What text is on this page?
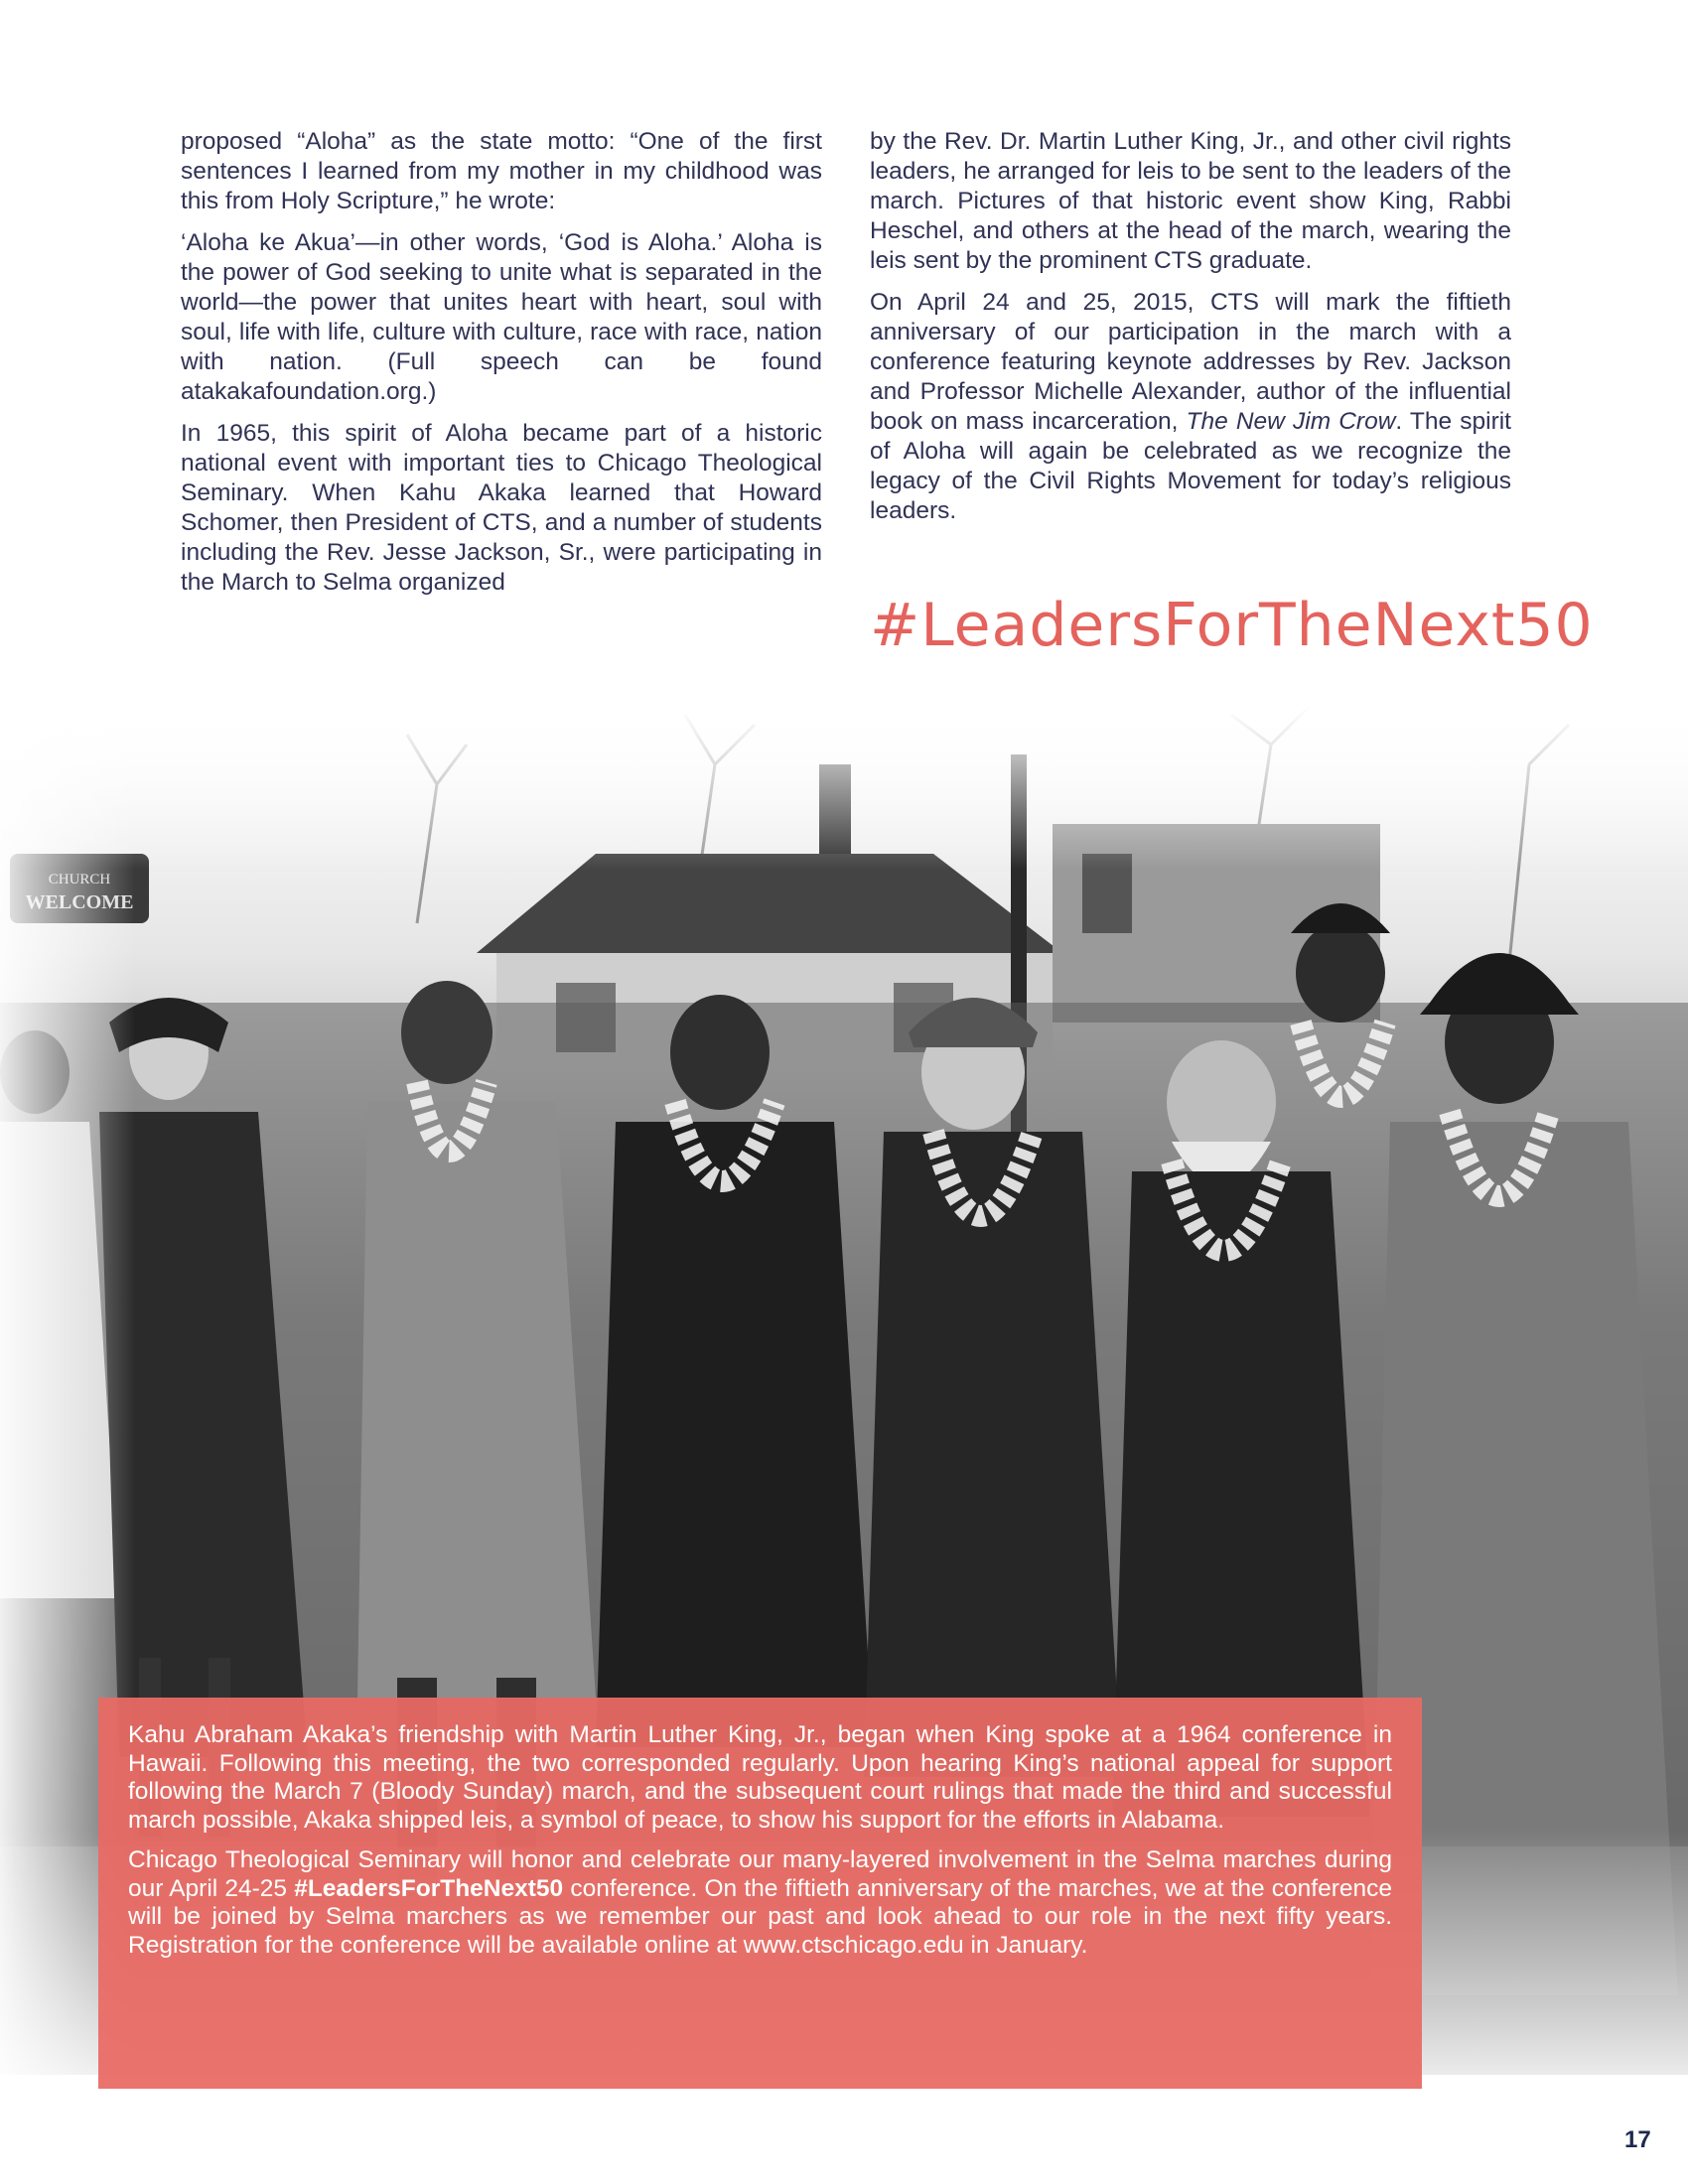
proposed “Aloha” as the state motto: “One of the first sentences I learned from my mother in my childhood was this from Holy Scripture,” he wrote:

‘Aloha ke Akua’—in other words, ‘God is Aloha.’ Aloha is the power of God seeking to unite what is separated in the world—the power that unites heart with heart, soul with soul, life with life, culture with culture, race with race, nation with nation. (Full speech can be found atakakafoundation.org.)

In 1965, this spirit of Aloha became part of a historic national event with important ties to Chicago Theological Seminary. When Kahu Akaka learned that Howard Schomer, then President of CTS, and a number of students including the Rev. Jesse Jackson, Sr., were participating in the March to Selma organized

by the Rev. Dr. Martin Luther King, Jr., and other civil rights leaders, he arranged for leis to be sent to the leaders of the march. Pictures of that historic event show King, Rabbi Heschel, and others at the head of the march, wearing the leis sent by the prominent CTS graduate.

On April 24 and 25, 2015, CTS will mark the fiftieth anniversary of our participation in the march with a conference featuring keynote addresses by Rev. Jackson and Professor Michelle Alexander, author of the influential book on mass incarceration, The New Jim Crow. The spirit of Aloha will again be celebrated as we recognize the legacy of the Civil Rights Movement for today’s religious leaders.

#LeadersForTheNext50

Kahu Abraham Akaka’s friendship with Martin Luther King, Jr., began when King spoke at a 1964 conference in Hawaii. Following this meeting, the two corresponded regularly. Upon hearing King’s national appeal for support following the March 7 (Bloody Sunday) march, and the subsequent court rulings that made the third and successful march possible, Akaka shipped leis, a symbol of peace, to show his support for the efforts in Alabama.

Chicago Theological Seminary will honor and celebrate our many-layered involvement in the Selma marches during our April 24-25 #LeadersForTheNext50 conference. On the fiftieth anniversary of the marches, we at the conference will be joined by Selma marchers as we remember our past and look ahead to our role in the next fifty years. Registration for the conference will be available online at www.ctschicago.edu in January.

17
